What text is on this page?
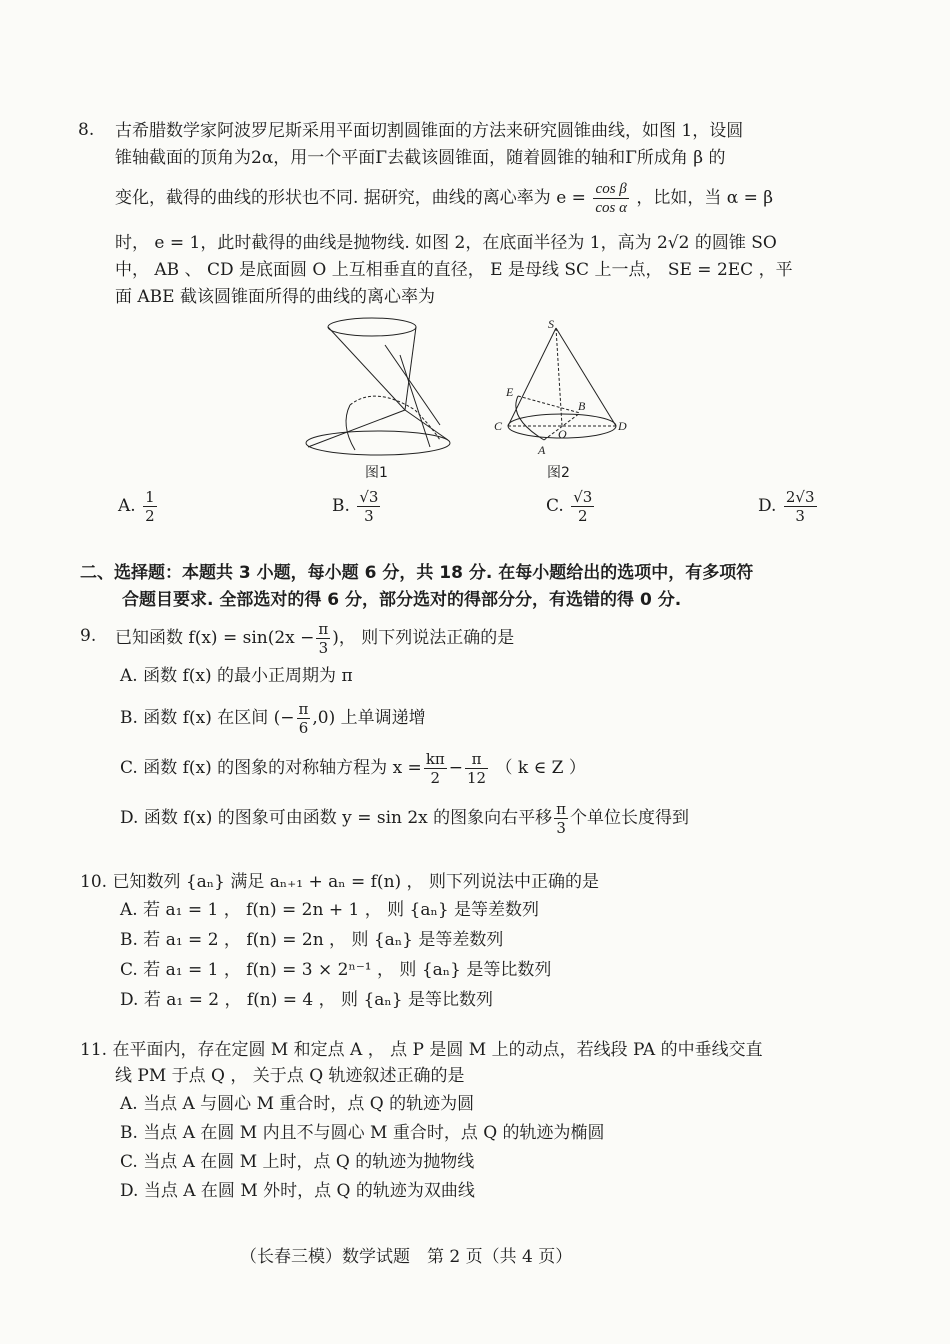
8. 古希腊数学家阿波罗尼斯采用平面切割圆锥面的方法来研究圆锥曲线，如图 1，设圆
锥轴截面的顶角为2α，用一个平面Γ去截该圆锥面，随着圆锥的轴和Γ所成角 β 的
变化，截得的曲线的形状也不同. 据研究，曲线的离心率为 $e = \frac{\text{cos β}}{\text{cos α}}$ ，比如，当 α = β
时， e = 1，此时截得的曲线是抛物线. 如图 2，在底面半径为 1，高为 2√2 的圆锥 SO
中， AB 、 CD 是底面圆 O 上互相垂直的直径， E 是母线 SC 上一点， SE = 2EC ，平
面 ABE 截该圆锥面所得的曲线的离心率为
图1
S
E
B
C
O
D
A
图2
A. $\frac{1}{2}$	B. $\frac{√3}{3}$	C. $\frac{√3}{2}$	D. $\frac{2√3}{3}$
二、选择题：本题共 3 小题，每小题 6 分，共 18 分. 在每小题给出的选项中，有多项符
合题目要求. 全部选对的得 6 分，部分选对的得部分分，有选错的得 0 分.
9. 已知函数 $f(x) = \sin(2x - \frac{\pi}{3}$ )， 则下列说法正确的是
A. 函数 f(x) 的最小正周期为 π
B. 函数 f(x) 在区间 (− $\frac{\pi}{6} ,0$) 上单调递增
C. 函数 f(x) 的图象的对称轴方程为 $x = \frac{k\pi}{2} - \frac{\pi}{12}$ （ k ∈ Z ）
D. 函数 f(x) 的图象可由函数 y = sin 2x 的图象向右平移 $\frac{\pi}{3}$ 个单位长度得到
10. 已知数列 {aₙ} 满足 aₙ₊₁ + aₙ = f(n) ， 则下列说法中正确的是
A. 若 a₁ = 1 ， f(n) = 2n + 1 ， 则 {aₙ} 是等差数列
B. 若 a₁ = 2 ， f(n) = 2n ， 则 {aₙ} 是等差数列
C. 若 a₁ = 1 ， f(n) = 3 × 2ⁿ⁻¹ ， 则 {aₙ} 是等比数列
D. 若 a₁ = 2 ， f(n) = 4 ， 则 {aₙ} 是等比数列
11. 在平面内，存在定圆 M 和定点 A ， 点 P 是圆 M 上的动点，若线段 PA 的中垂线交直
线 PM 于点 Q ， 关于点 Q 轨迹叙述正确的是
A. 当点 A 与圆心 M 重合时，点 Q 的轨迹为圆
B. 当点 A 在圆 M 内且不与圆心 M 重合时，点 Q 的轨迹为椭圆
C. 当点 A 在圆 M 上时，点 Q 的轨迹为抛物线
D. 当点 A 在圆 M 外时，点 Q 的轨迹为双曲线
（长春三模）数学试题　第 2 页（共 4 页）
